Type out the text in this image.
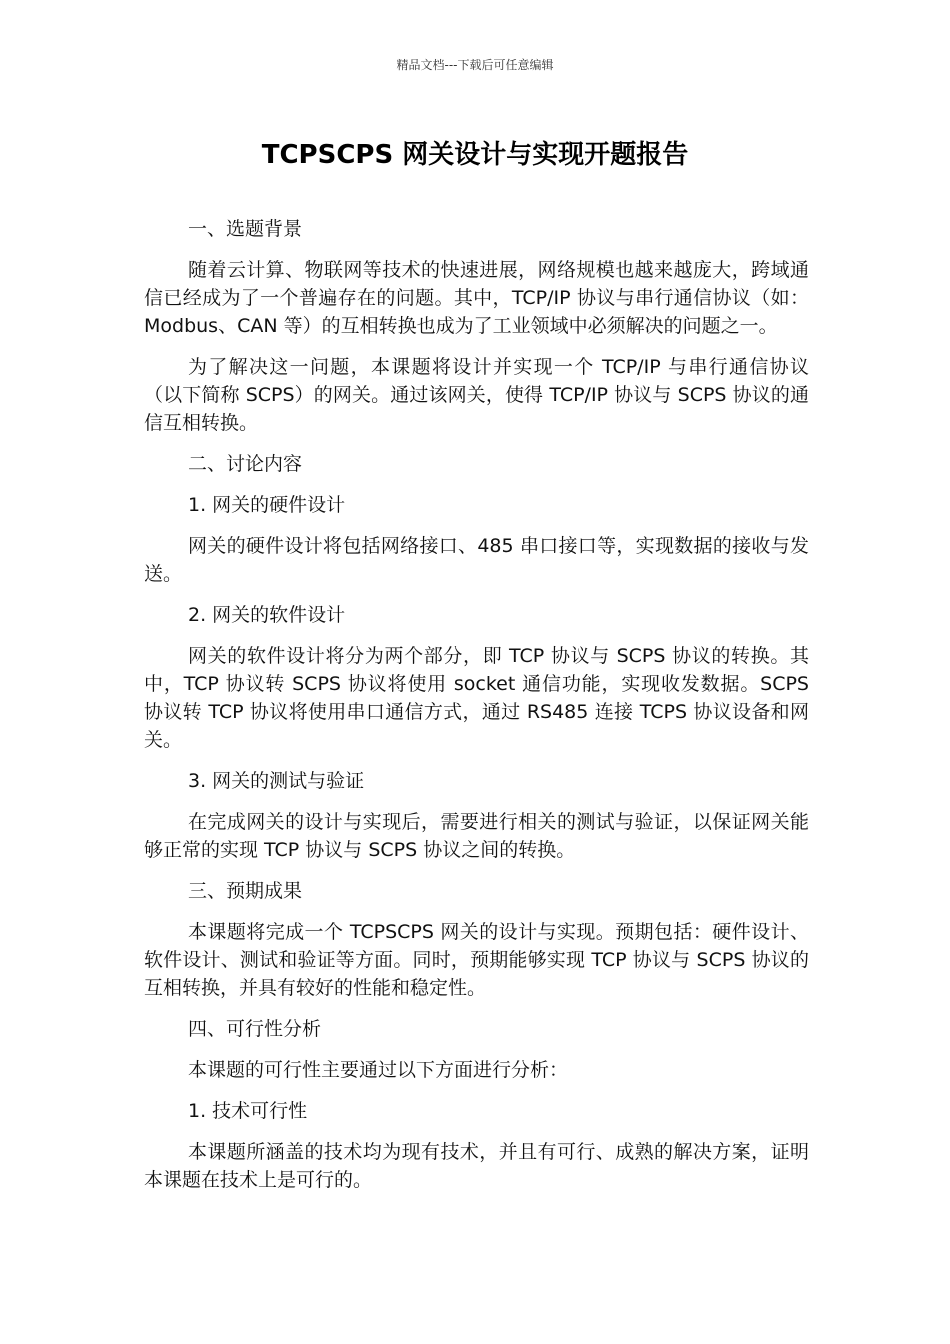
精品文档---下载后可任意编辑
TCPSCPS 网关设计与实现开题报告

一、选题背景

随着云计算、物联网等技术的快速进展，网络规模也越来越庞大，跨域通信已经成为了一个普遍存在的问题。其中，TCP/IP 协议与串行通信协议（如：Modbus、CAN 等）的互相转换也成为了工业领域中必须解决的问题之一。

为了解决这一问题，本课题将设计并实现一个 TCP/IP 与串行通信协议（以下简称 SCPS）的网关。通过该网关，使得 TCP/IP 协议与 SCPS 协议的通信互相转换。

二、讨论内容

1. 网关的硬件设计

网关的硬件设计将包括网络接口、485 串口接口等，实现数据的接收与发送。

2. 网关的软件设计

网关的软件设计将分为两个部分，即 TCP 协议与 SCPS 协议的转换。其中，TCP 协议转 SCPS 协议将使用 socket 通信功能，实现收发数据。SCPS 协议转 TCP 协议将使用串口通信方式，通过 RS485 连接 TCPS 协议设备和网关。

3. 网关的测试与验证

在完成网关的设计与实现后，需要进行相关的测试与验证，以保证网关能够正常的实现 TCP 协议与 SCPS 协议之间的转换。

三、预期成果

本课题将完成一个 TCPSCPS 网关的设计与实现。预期包括：硬件设计、软件设计、测试和验证等方面。同时，预期能够实现 TCP 协议与 SCPS 协议的互相转换，并具有较好的性能和稳定性。

四、可行性分析

本课题的可行性主要通过以下方面进行分析：

1. 技术可行性

本课题所涵盖的技术均为现有技术，并且有可行、成熟的解决方案，证明本课题在技术上是可行的。
